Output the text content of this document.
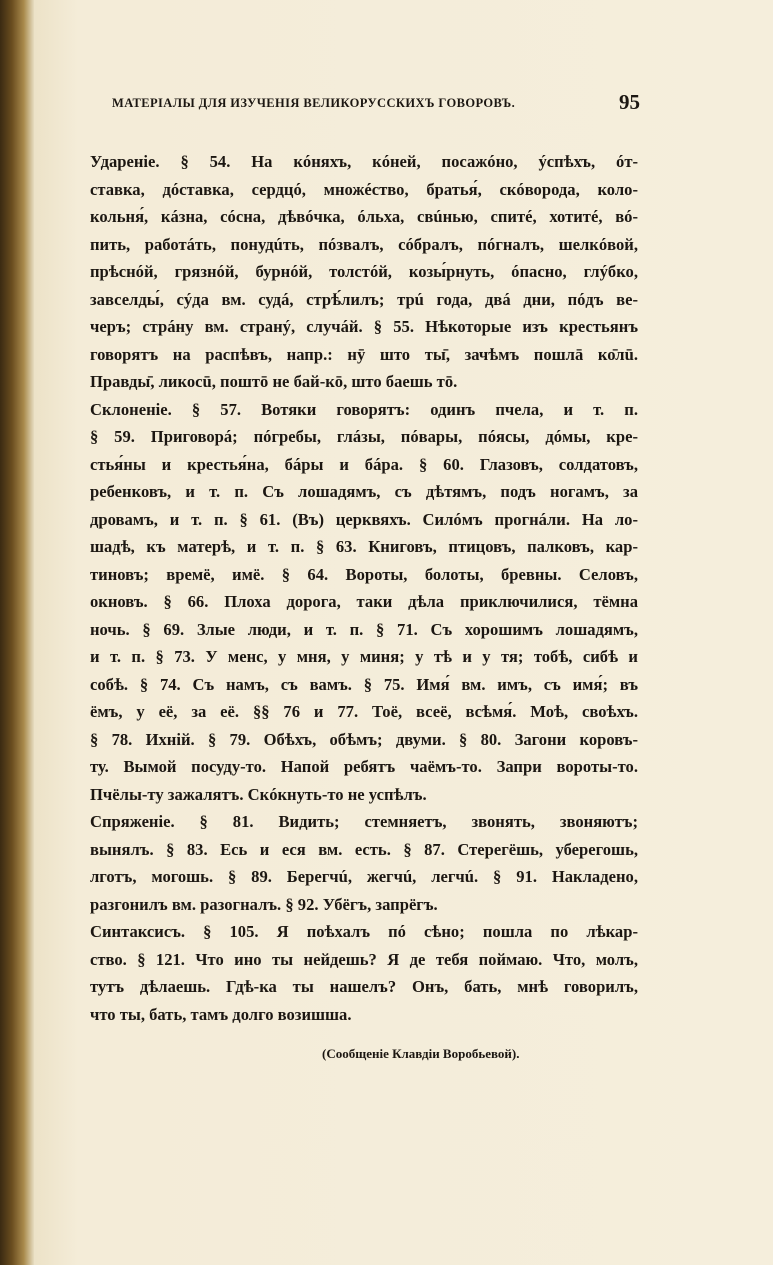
МАТЕРIАЛЫ ДЛЯ ИЗУЧЕНIЯ ВЕЛИКОРУССКИХЪ ГОВОРОВЪ.	95
Удареніе. § 54. На кóняхъ, кóней, посажóно, ýспѣхъ, óт-
ставка, дóставка, сердцó, множéство, братья́, скóворода, коло-
кольня́, кáзна, сóсна, дѣвóчка, óльха, свúнью, спитé, хотитé, вó-
пить, работáть, понудúть, пóзвалъ, сóбралъ, пóгналъ, шелкóвой,
прѣснóй, грязнóй, бурнóй, толстóй, козы́рнуть, óпасно, глýбко,
завселды́, сýда вм. судá, стрѣ́лилъ; трú года, двá дни, пóдъ ве-
черъ; стрáну вм. странý, случáй. § 55. Нѣкоторые изъ крестьянъ
говорятъ на распѣвъ, напр.: нӯ што ты̄, зачѣмъ пошлā ко̄лū.
Правды̄, ликосū, поштō не бай-кō, што баешь тō.
Склоненіе. § 57. Вотяки говорятъ: одинъ пчела, и т. п.
§ 59. Приговорá; пóгребы, глáзы, пóвары, пóясы, дóмы, кре-
стья́ны и крестья́на, бáры и бáра. § 60. Глазовъ, солдатовъ,
ребенковъ, и т. п. Съ лошадямъ, съ дѣтямъ, подъ ногамъ, за
дровамъ, и т. п. § 61. (Въ) церквяхъ. Силóмъ прогнáли. На ло-
шадѣ, къ матерѣ, и т. п. § 63. Книговъ, птицовъ, палковъ, кар-
тиновъ; времё, имё. § 64. Вороты, болоты, бревны. Селовъ,
окновъ. § 66. Плоха дорога, таки дѣла приключилися, тёмна
ночь. § 69. Злые люди, и т. п. § 71. Съ хорошимъ лошадямъ,
и т. п. § 73. У менс, у мня, у миня; у тѣ и у тя; тобѣ, сибѣ и
собѣ. § 74. Съ намъ, съ вамъ. § 75. Имя́ вм. имъ, съ имя́; въ
ёмъ, у её, за её. §§ 76 и 77. Тоё, всеё, всѣмя́. Моѣ, своѣхъ.
§ 78. Ихнiй. § 79. Обѣхъ, обѣмъ; двуми. § 80. Загони коровъ-
ту. Вымой посуду-то. Напой ребятъ чаёмъ-то. Запри вороты-то.
Пчёлы-ту зажалятъ. Скóкнуть-то не успѣлъ.
Спряженіе. § 81. Видить; стемняетъ, звонять, звоняютъ;
вынялъ. § 83. Есь и еся вм. есть. § 87. Стерегёшь, уберегошь,
лготъ, могошь. § 89. Берегчú, жегчú, легчú. § 91. Накладено,
разгонилъ вм. разогналъ. § 92. Убёгъ, запрёгъ.
Синтаксисъ. § 105. Я поѣхалъ пó сѣно; пошла по лѣкар-
ство. § 121. Что ино ты нейдешь? Я де тебя поймаю. Что, молъ,
тутъ дѣлаешь. Гдѣ-ка ты нашелъ? Онъ, бать, мнѣ говорилъ,
что ты, бать, тамъ долго возишша.
(Сообщеніе Клавдіи Воробьевой).
